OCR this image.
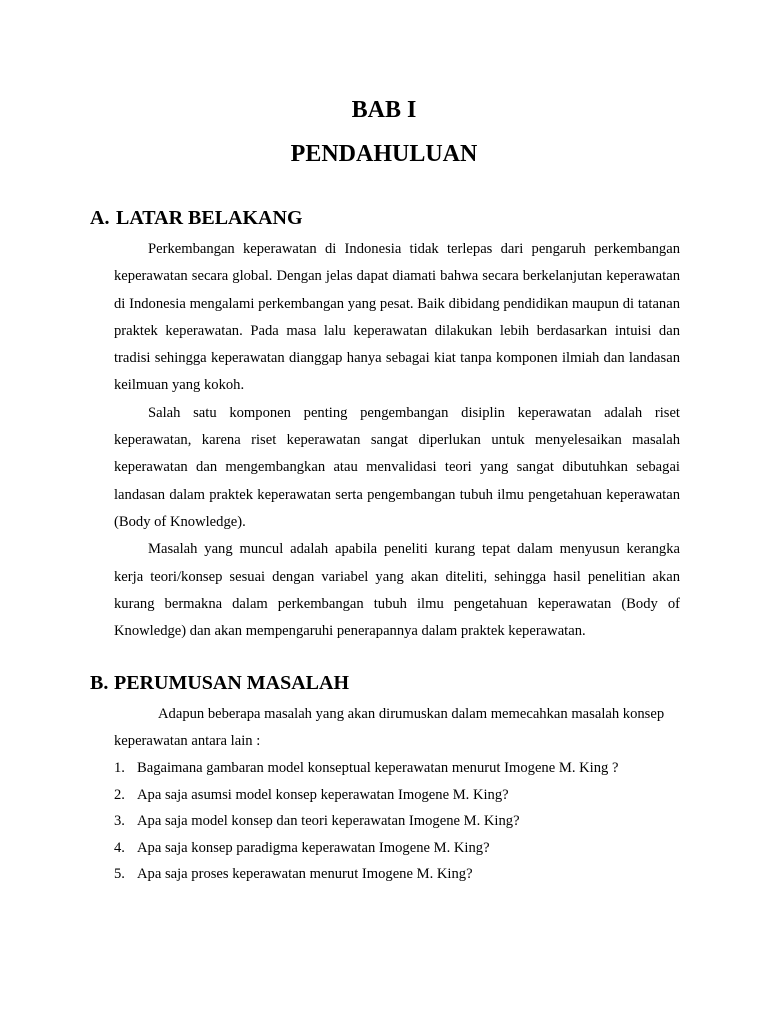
BAB I
PENDAHULUAN
A. LATAR BELAKANG

Perkembangan keperawatan di Indonesia tidak terlepas dari pengaruh perkembangan keperawatan secara global. Dengan jelas dapat diamati bahwa secara berkelanjutan keperawatan di Indonesia mengalami perkembangan yang pesat. Baik dibidang pendidikan maupun di tatanan praktek keperawatan. Pada masa lalu keperawatan dilakukan lebih berdasarkan intuisi dan tradisi sehingga keperawatan dianggap hanya sebagai kiat tanpa komponen ilmiah dan landasan keilmuan yang kokoh.

Salah satu komponen penting pengembangan disiplin keperawatan adalah riset keperawatan, karena riset keperawatan sangat diperlukan untuk menyelesaikan masalah keperawatan dan mengembangkan atau menvalidasi teori yang sangat dibutuhkan sebagai landasan dalam praktek keperawatan serta pengembangan tubuh ilmu pengetahuan keperawatan (Body of Knowledge).

Masalah yang muncul adalah apabila peneliti kurang tepat dalam menyusun kerangka kerja teori/konsep sesuai dengan variabel yang akan diteliti, sehingga hasil penelitian akan kurang bermakna dalam perkembangan tubuh ilmu pengetahuan keperawatan (Body of Knowledge) dan akan mempengaruhi penerapannya dalam praktek keperawatan.

B. PERUMUSAN MASALAH

Adapun beberapa masalah yang akan dirumuskan dalam memecahkan masalah konsep keperawatan antara lain :

1. Bagaimana gambaran model konseptual keperawatan menurut Imogene M. King ?
2. Apa saja asumsi model konsep keperawatan Imogene M. King?
3. Apa saja model konsep dan teori keperawatan Imogene M. King?
4. Apa saja konsep paradigma keperawatan Imogene M. King?
5. Apa saja proses keperawatan menurut Imogene M. King?
